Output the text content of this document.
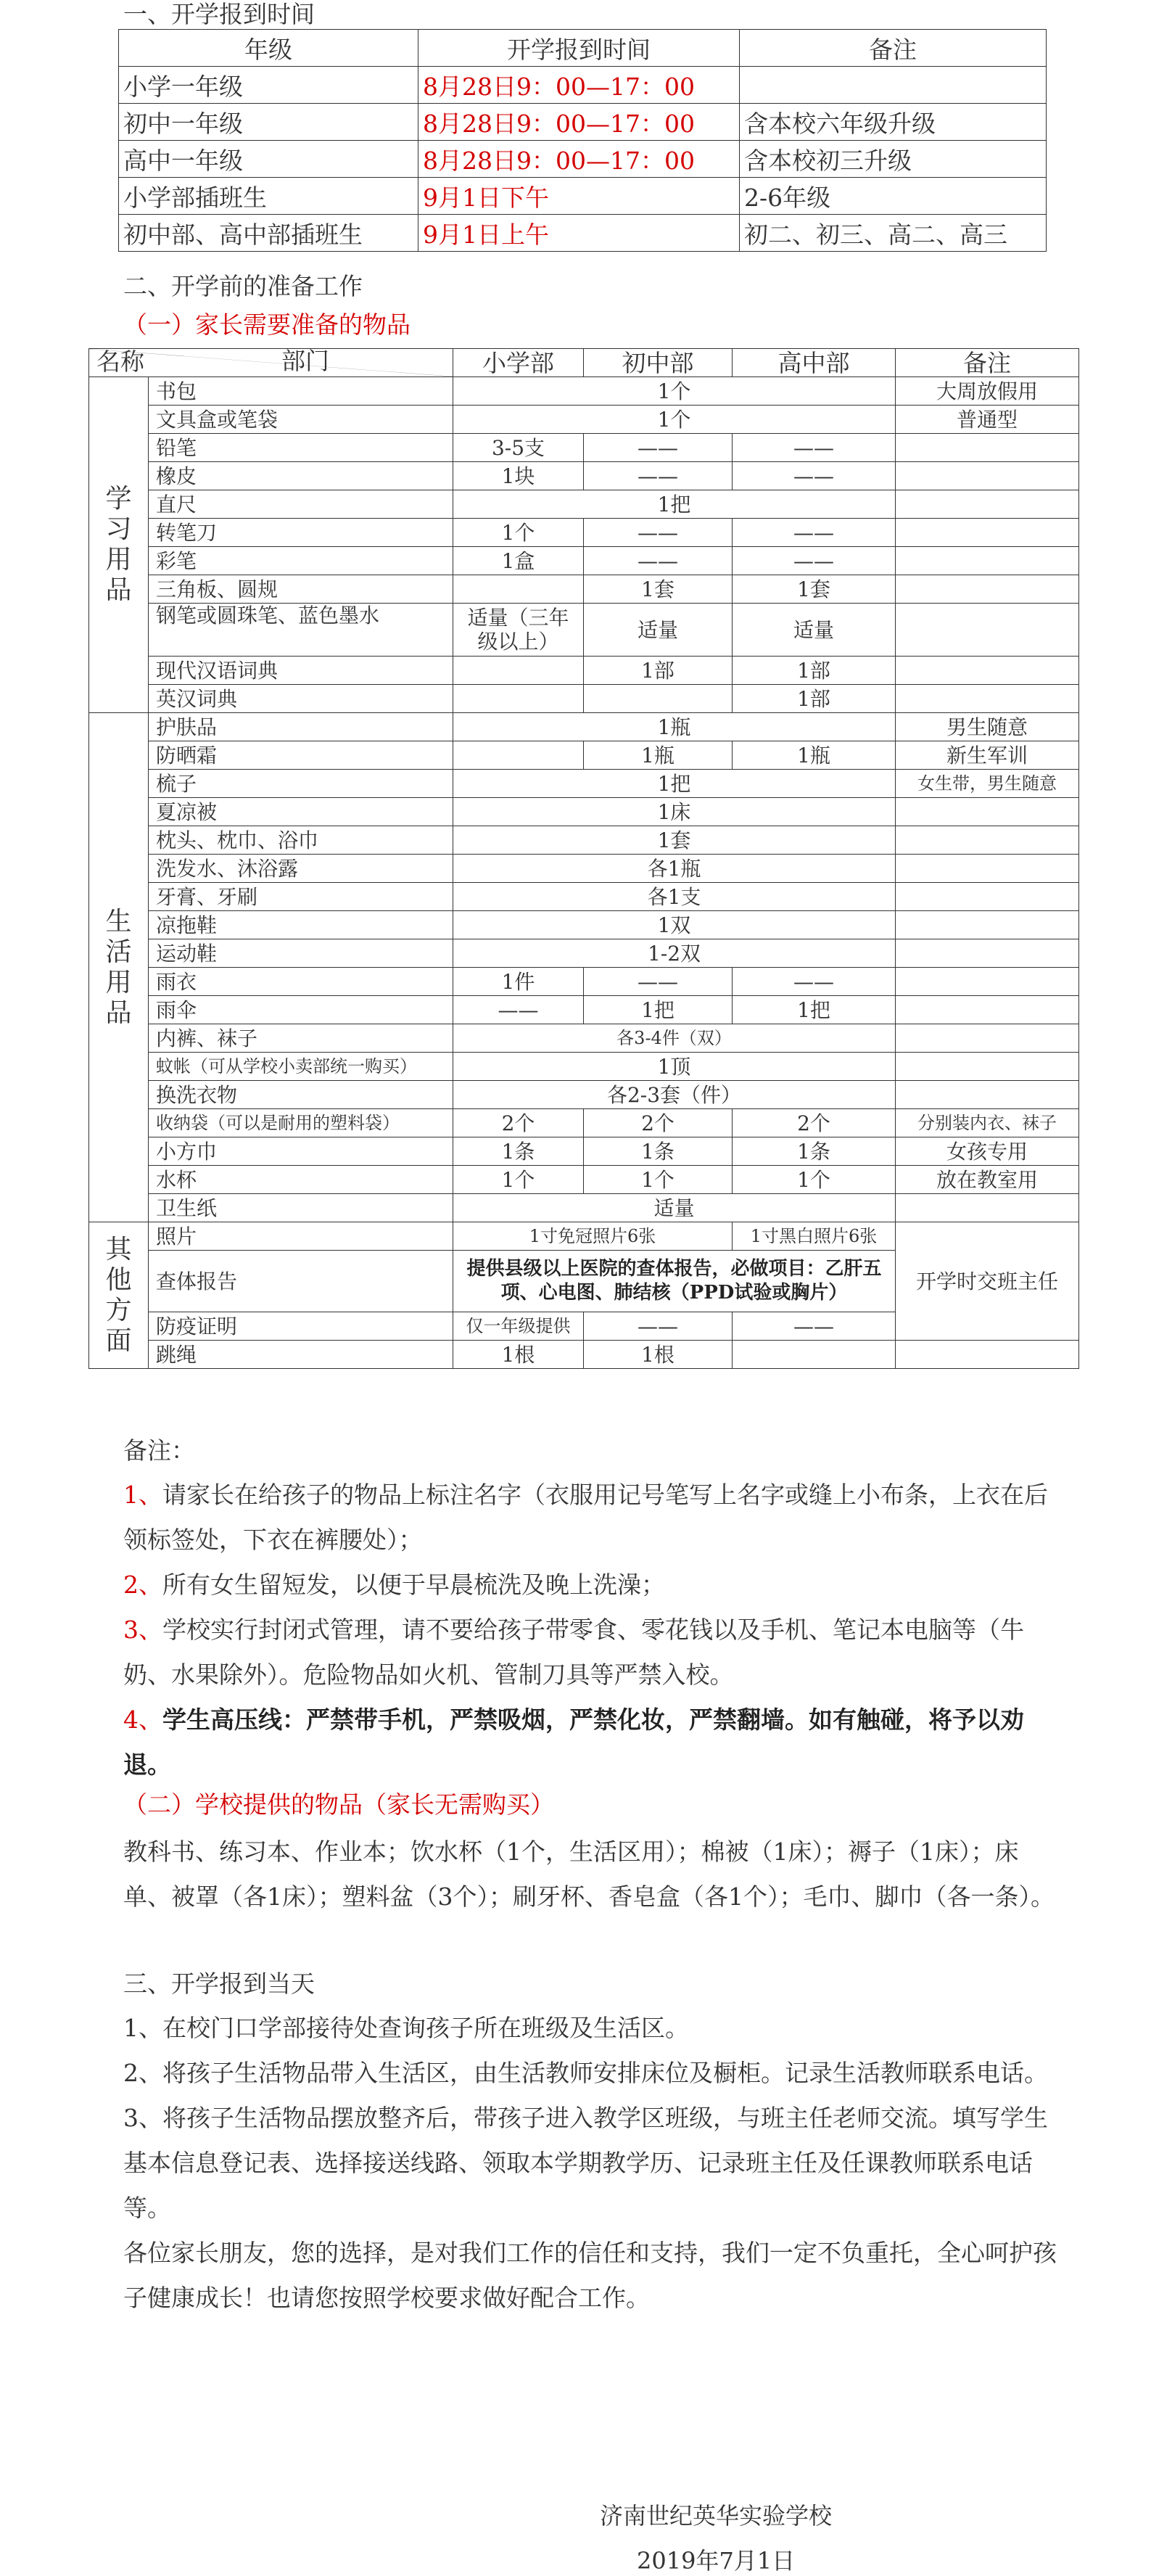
一、开学报到时间
年级	开学报到时间	备注
小学一年级	8月28日9：00—17：00	
初中一年级	8月28日9：00—17：00	含本校六年级升级
高中一年级	8月28日9：00—17：00	含本校初三升级
小学部插班生	9月1日下午	2-6年级
初中部、高中部插班生	9月1日上午	初二、初三、高二、高三
二、开学前的准备工作
（一）家长需要准备的物品
部门
名称		小学部	初中部	高中部	备注
学习用品	书包	1个			大周放假用
	文具盒或笔袋	1个			普通型
	铅笔	3-5支	——	——	
	橡皮	1块	——	——	
	直尺	1把			
	转笔刀	1个	——	——	
	彩笔	1盒	——	——	
	三角板、圆规		1套	1套	
	钢笔或圆珠笔、蓝色墨水	适量（三年级以上）	适量	适量	
	现代汉语词典		1部	1部	
	英汉词典			1部	
生活用品	护肤品	1瓶			男生随意
	防晒霜		1瓶	1瓶	新生军训
	梳子	1把			女生带，男生随意
	夏凉被	1床			
	枕头、枕巾、浴巾	1套			
	洗发水、沐浴露	各1瓶			
	牙膏、牙刷	各1支			
	凉拖鞋	1双			
	运动鞋	1-2双			
	雨衣	1件	——	——	
	雨伞	——	1把	1把	
	内裤、袜子	各3-4件（双）			
	蚊帐（可从学校小卖部统一购买）	1顶			
	换洗衣物	各2-3套（件）			
	收纳袋（可以是耐用的塑料袋）	2个	2个	2个	分别装内衣、袜子
	小方巾	1条	1条	1条	女孩专用
	水杯	1个	1个	1个	放在教室用
	卫生纸	适量			
其他方面	照片	1寸免冠照片6张		1寸黑白照片6张	开学时交班主任
	查体报告	提供县级以上医院的查体报告，必做项目：乙肝五项、心电图、肺结核（PPD试验或胸片）			
	防疫证明	仅一年级提供	——	——	
	跳绳	1根	1根		
备注：
1、请家长在给孩子的物品上标注名字（衣服用记号笔写上名字或缝上小布条，上衣在后领标签处，下衣在裤腰处）；
2、所有女生留短发，以便于早晨梳洗及晚上洗澡；
3、学校实行封闭式管理，请不要给孩子带零食、零花钱以及手机、笔记本电脑等（牛奶、水果除外）。危险物品如火机、管制刀具等严禁入校。
4、学生高压线：严禁带手机，严禁吸烟，严禁化妆，严禁翻墙。如有触碰，将予以劝退。
（二）学校提供的物品（家长无需购买）
教科书、练习本、作业本；饮水杯（1个，生活区用）；棉被（1床）；褥子（1床）；床单、被罩（各1床）；塑料盆（3个）；刷牙杯、香皂盒（各1个）；毛巾、脚巾（各一条）。
三、开学报到当天
1、在校门口学部接待处查询孩子所在班级及生活区。
2、将孩子生活物品带入生活区，由生活教师安排床位及橱柜。记录生活教师联系电话。
3、将孩子生活物品摆放整齐后，带孩子进入教学区班级，与班主任老师交流。填写学生基本信息登记表、选择接送线路、领取本学期教学历、记录班主任及任课教师联系电话等。
各位家长朋友，您的选择，是对我们工作的信任和支持，我们一定不负重托，全心呵护孩子健康成长！也请您按照学校要求做好配合工作。
济南世纪英华实验学校
2019年7月1日
